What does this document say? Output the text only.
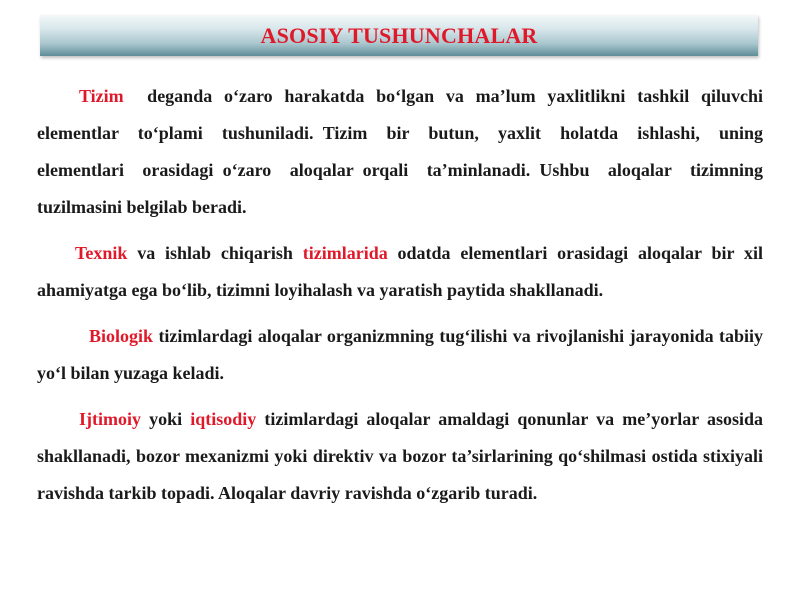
ASOSIY TUSHUNCHALAR

Tizim  deganda o‘zaro harakatda bo‘lgan va ma’lum yaxlitlikni tashkil qiluvchi  elementlar  to‘plami  tushuniladi. Tizim  bir  butun,  yaxlit  holatda  ishlashi,  uning  elementlari  orasidagi o‘zaro  aloqalar orqali  ta’minlanadi. Ushbu  aloqalar  tizimning  tuzilmasini belgilab beradi.

Texnik va ishlab chiqarish tizimlarida odatda elementlari orasidagi aloqalar bir xil ahamiyatga ega bo‘lib, tizimni loyihalash va yaratish paytida shakllanadi.

Biologik tizimlardagi aloqalar organizmning tug‘ilishi va rivojlanishi jarayonida tabiiy yo‘l bilan yuzaga keladi.

Ijtimoiy yoki iqtisodiy tizimlardagi aloqalar amaldagi qonunlar va me’yorlar asosida shakllanadi, bozor mexanizmi yoki direktiv va bozor ta’sirlarining qo‘shilmasi ostida stixiyali ravishda tarkib topadi. Aloqalar davriy ravishda o‘zgarib turadi.
